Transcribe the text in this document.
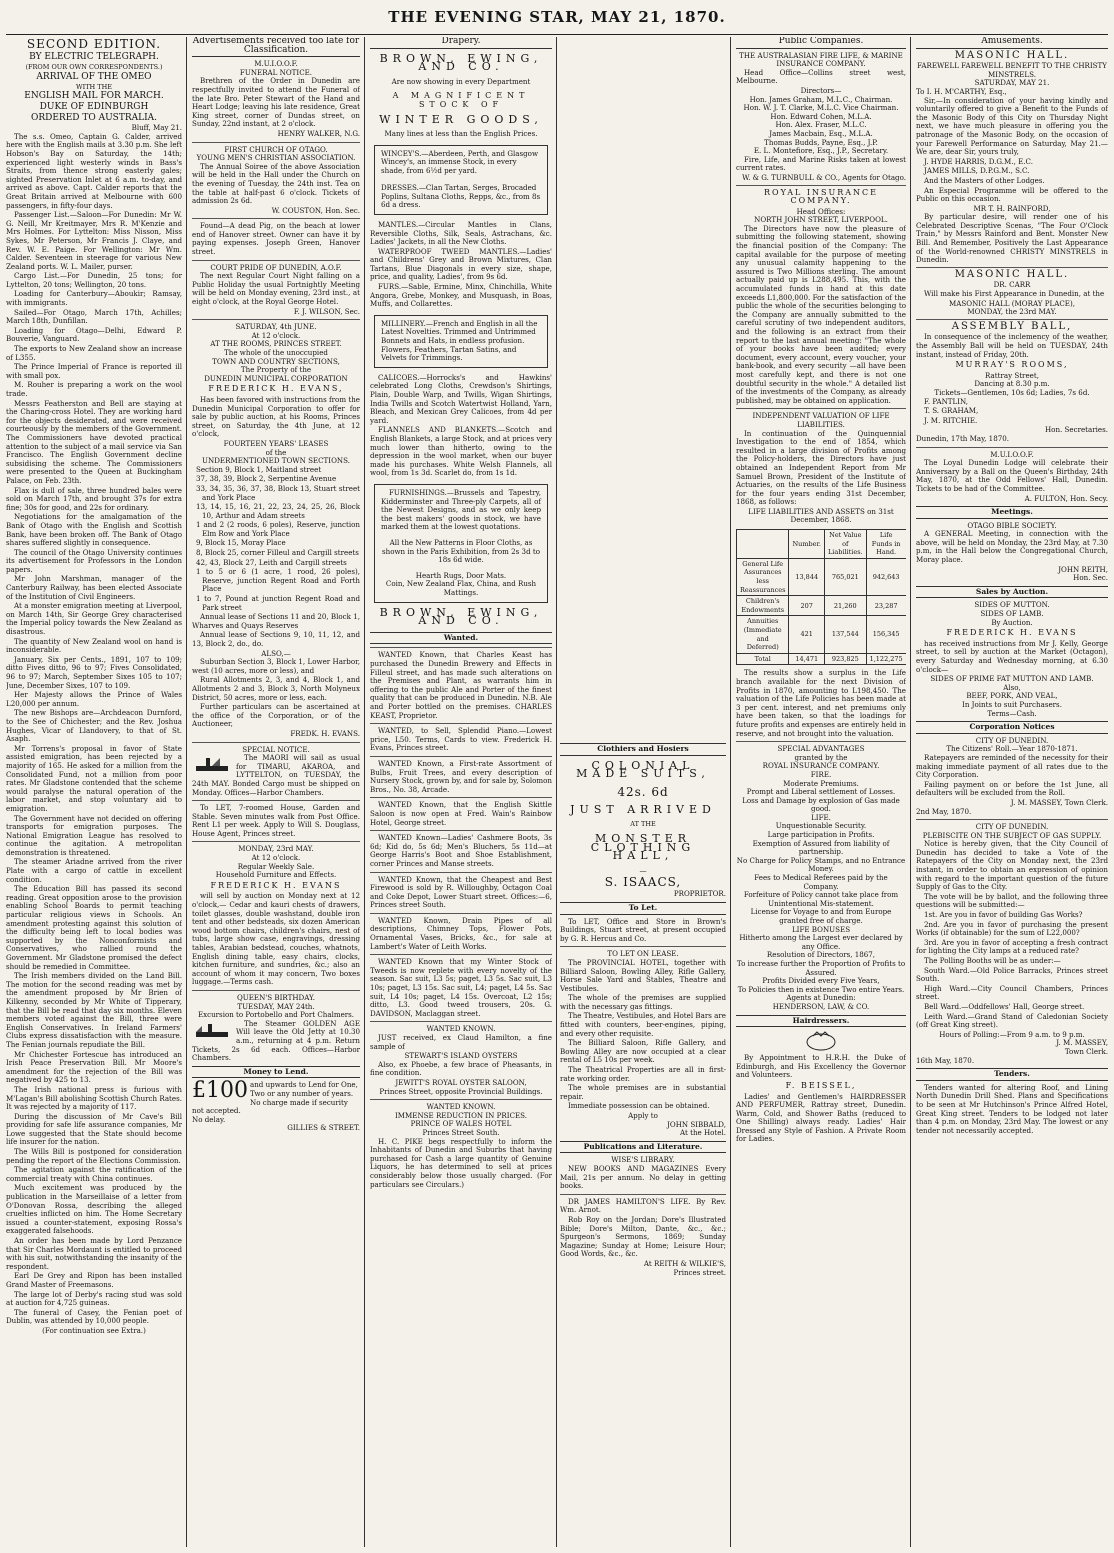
THE EVENING STAR, MAY 21, 1870.
SECOND EDITION.
BY ELECTRIC TELEGRAPH.
(FROM OUR OWN CORRESPONDENTS.)
ARRIVAL OF THE OMEO
WITH THE
ENGLISH MAIL FOR MARCH.
DUKE OF EDINBURGH
ORDERED TO AUSTRALIA.
Bluff, May 21.

The s.s. Omeo, Captain G. Calder, arrived here with the English mails at 3.30 p.m. She left Hobson's Bay on Saturday, the 14th; experienced light westerly winds in Bass's Straits, from thence strong easterly gales; sighted Preservation Inlet at 6 a.m. to-day, and arrived as above. Capt. Calder reports that the Great Britain arrived at Melbourne with 600 passengers, in fifty-four days.

Passenger List.—Saloon—For Dunedin: Mr W. G. Neill, Mr Kreitmayer, Mrs R. M'Kenzie and Mrs Holmes. For Lyttelton: Miss Nisson, Miss Sykes, Mr Peterson, Mr Francis J. Claye, and Rev. W. E. Paige. For Wellington: Mr Wm. Calder. Seventeen in steerage for various New Zealand ports. W. L. Mailer, purser.

Cargo List.—For Dunedin, 25 tons; for Lyttelton, 20 tons; Wellington, 20 tons.

Loading for Canterbury—Aboukir; Ramsay, with immigrants.

Sailed—For Otago, March 17th, Achilles; March 18th, Dunfillan.

Loading for Otago—Delhi, Edward P. Bouverie, Vanguard.

The exports to New Zealand show an increase of L355.

The Prince Imperial of France is reported ill with small pox.

M. Rouher is preparing a work on the wool trade.

Messrs Featherston and Bell are staying at the Charing-cross Hotel. They are working hard for the objects desiderated, and were received courteously by the members of the Government. The Commissioners have devoted practical attention to the subject of a mail service via San Francisco. The English Government decline subsidising the scheme. The Commissioners were presented to the Queen at Buckingham Palace, on Feb. 23th.

Flax is dull of sale, three hundred bales were sold on March 17th, and brought 37s for extra fine; 30s for good, and 22s for ordinary.

Negotiations for the amalgamation of the Bank of Otago with the English and Scottish Bank, have been broken off. The Bank of Otago shares suffered slightly in consequence.

The council of the Otago University continues its advertisement for Professors in the London papers.

Mr John Marshman, manager of the Canterbury Railway, has been elected Associate of the Institution of Civil Engineers.

At a monster emigration meeting at Liverpool, on March 14th, Sir George Grey characterised the Imperial policy towards the New Zealand as disastrous.

The quantity of New Zealand wool on hand is inconsiderable.

January, Six per Cents., 1891, 107 to 109; ditto Fives ditto, 96 to 97; Fives Consolidated, 96 to 97; March, September Sixes 105 to 107; June, December Sixes, 107 to 109.

Her Majesty allows the Prince of Wales L20,000 per annum.

The new Bishops are—Archdeacon Durnford, to the See of Chichester; and the Rev. Joshua Hughes, Vicar of Llandovery, to that of St. Asaph.

Mr Torrens's proposal in favor of State assisted emigration, has been rejected by a majority of 165. He asked for a million from the Consolidated Fund, not a million from poor rates. Mr Gladstone contended that the scheme would paralyse the natural operation of the labor market, and stop voluntary aid to emigration.

The Government have not decided on offering transports for emigration purposes. The National Emigration League has resolved to continue the agitation. A metropolitan demonstration is threatened.

The steamer Ariadne arrived from the river Plate with a cargo of cattle in excellent condition.

The Education Bill has passed its second reading. Great opposition arose to the provision enabling School Boards to permit teaching particular religious views in Schools. An amendment protesting against this solution of the difficulty being left to local bodies was supported by the Nonconformists and Conservatives, who rallied round the Government. Mr Gladstone promised the defect should be remedied in Committee.

The Irish members divided on the Land Bill. The motion for the second reading was met by the amendment proposed by Mr Brien of Kilkenny, seconded by Mr White of Tipperary, that the Bill be read that day six months. Eleven members voted against the Bill, three were English Conservatives. In Ireland Farmers' Clubs express dissatisfaction with the measure. The Fenian journals repudiate the Bill.

Mr Chichester Fortescue has introduced an Irish Peace Preservation Bill. Mr Moore's amendment for the rejection of the Bill was negatived by 425 to 13.

The Irish national press is furious with M'Lagan's Bill abolishing Scottish Church Rates. It was rejected by a majority of 117.

During the discussion of Mr Cave's Bill providing for safe life assurance companies, Mr Lowe suggested that the State should become life insurer for the nation.

The Wills Bill is postponed for consideration pending the report of the Elections Commission.

The agitation against the ratification of the commercial treaty with China continues.

Much excitement was produced by the publication in the Marseillaise of a letter from O'Donovan Rossa, describing the alleged cruelties inflicted on him. The Home Secretary issued a counter-statement, exposing Rossa's exaggerated falsehoods.

An order has been made by Lord Penzance that Sir Charles Mordaunt is entitled to proceed with his suit, notwithstanding the insanity of the respondent.

Earl De Grey and Ripon has been installed Grand Master of Freemasons.

The large lot of Derby's racing stud was sold at auction for 4,725 guineas.

The funeral of Casey, the Fenian poet of Dublin, was attended by 10,000 people.

(For continuation see Extra.)
Advertisements received too late for Classification.
M.U.I.O.O.F.
FUNERAL NOTICE.

Brethren of the Order in Dunedin are respectfully invited to attend the Funeral of the late Bro. Peter Stewart of the Hand and Heart Lodge; leaving his late residence, Great King street, corner of Dundas street, on Sunday, 22nd instant, at 2 o'clock.

HENRY WALKER, N.G.
FIRST CHURCH OF OTAGO.
YOUNG MEN'S CHRISTIAN ASSOCIATION.

The Annual Soiree of the above Association will be held in the Hall under the Church on the evening of Tuesday, the 24th inst. Tea on the table at half-past 6 o'clock. Tickets of admission 2s 6d.

W. COUSTON, Hon. Sec.

Found—A dead Pig, on the beach at lower end of Hanover street. Owner can have it by paying expenses. Joseph Green, Hanover street.

COURT PRIDE OF DUNEDIN, A.O.F.

The next Regular Court Night falling on a Public Holiday the usual Fortnightly Meeting will be held on Monday evening, 23rd inst., at eight o'clock, at the Royal George Hotel.

F. J. WILSON, Sec.
SATURDAY, 4th JUNE.
At 12 o'clock.
AT THE ROOMS, PRINCES STREET.
The whole of the unoccupied
TOWN AND COUNTRY SECTIONS,
The Property of the
DUNEDIN MUNICIPAL CORPORATION
FREDERICK H. EVANS,

Has been favored with instructions from the Dunedin Municipal Corporation to offer for sale by public auction, at his Rooms, Princes street, on Saturday, the 4th June, at 12 o'clock,

FOURTEEN YEARS' LEASES
of the
UNDERMENTIONED TOWN SECTIONS.
Section 9, Block 1, Maitland street
37, 38, 39, Block 2, Serpentine Avenue
33, 34, 35, 36, 37, 38, Block 13, Stuart street and York Place
13, 14, 15, 16, 21, 22, 23, 24, 25, 26, Block 10, Arthur and Adam streets
1 and 2 (2 roods, 6 poles), Reserve, junction Elm Row and York Place
9, Block 15, Moray Place
8, Block 25, corner Filleul and Cargill streets
42, 43, Block 27, Leith and Cargill streets
1 to 5 or 6 (1 acre, 1 rood, 26 poles), Reserve, junction Regent Road and Forth Place
1 to 7, Pound at junction Regent Road and Park street

Annual lease of Sections 11 and 20, Block 1, Wharves and Quays Reserves

Annual lease of Sections 9, 10, 11, 12, and 13, Block 2, do., do.

ALSO,—

Suburban Section 3, Block 1, Lower Harbor, west (10 acres, more or less), and

Rural Allotments 2, 3, and 4, Block 1, and Allotments 2 and 3, Block 3, North Molyneux District, 50 acres, more or less, each.

Further particulars can be ascertained at the office of the Corporation, or of the Auctioneer,

FREDK. H. EVANS.
SPECIAL NOTICE.

The MAORI will sail as usual for TIMARU, AKAROA, and LYTTELTON, on TUESDAY, the 24th MAY. Bonded Cargo must be shipped on Monday. Offices—Harbor Chambers.

To LET, 7-roomed House, Garden and Stable. Seven minutes walk from Post Office. Rent L1 per week. Apply to Will S. Douglass, House Agent, Princes street.

MONDAY, 23rd MAY.
At 12 o'clock.
Regular Weekly Sale.
Household Furniture and Effects.
FREDERICK H. EVANS

will sell by auction on Monday next at 12 o'clock,— Cedar and kauri chests of drawers, toilet glasses, double washstand, double iron tent and other bedsteads, six dozen American wood bottom chairs, children's chairs, nest of tubs, large show case, engravings, dressing tables, Arabian bedstead, couches, whatnots, English dining table, easy chairs, clocks, kitchen furniture, and sundries, &c.; also an account of whom it may concern, Two boxes luggage.—Terms cash.

QUEEN'S BIRTHDAY.
TUESDAY, MAY 24th.
Excursion to Portobello and Port Chalmers.

The Steamer GOLDEN AGE Will leave the Old Jetty at 10.30 a.m., returning at 4 p.m. Return Tickets, 2s 6d each. Offices—Harbor Chambers.

Money to Lend.
£100 and upwards to Lend for One, Two or any number of years. No charge made if security not accepted.
No delay.
GILLIES & STREET.
Drapery.
BROWN, EWING, AND CO.
Are now showing in every Department
A MAGNIFICENT STOCK OF
WINTER GOODS,
Many lines at less than the English Prices.
WINCEY'S.—Aberdeen, Perth, and Glasgow Wincey's, an immense Stock, in every shade, from 6½d per yard.

DRESSES.—Clan Tartan, Serges, Brocaded Poplins, Sultana Cloths, Repps, &c., from 8s 6d a dress.

MANTLES.—Circular Mantles in Clans, Reversible Cloths, Silk, Seals, Astrachans, &c. Ladies' Jackets, in all the New Cloths.

WATERPROOF TWEED MANTLES.—Ladies' and Childrens' Grey and Brown Mixtures, Clan Tartans, Blue Diagonals in every size, shape, price, and quality, Ladies', from 9s 6d.

FURS.—Sable, Ermine, Minx, Chinchilla, White Angora, Grebe, Monkey, and Musquash, in Boas, Muffs, and Collarettes.

MILLINERY.—French and English in all the Latest Novelties. Trimmed and Untrimmed Bonnets and Hats, in endless profusion. Flowers, Feathers, Tartan Satins, and Velvets for Trimmings.

CALICOES.—Horrocks's and Hawkins' celebrated Long Cloths, Crewdson's Shirtings, Plain, Double Warp, and Twills, Wigan Shirtings, India Twills and Scotch Watertwist Holland, Yarn, Bleach, and Mexican Grey Calicoes, from 4d per yard.

FLANNELS AND BLANKETS.—Scotch and English Blankets, a large Stock, and at prices very much lower than hitherto, owing to the depression in the wool market, when our buyer made his purchases. White Welsh Flannels, all wool, from 1s 3d. Scarlet do, from 1s 1d.

FURNISHINGS.—Brussels and Tapestry, Kidderminster and Three-ply Carpets, all of the Newest Designs, and as we only keep the best makers' goods in stock, we have marked them at the lowest quotations.

All the New Patterns in Floor Cloths, as shown in the Paris Exhibition, from 2s 3d to 18s 6d wide.

Hearth Rugs, Door Mats.
Coin, New Zealand Flax, China, and Rush Mattings.
BROWN, EWING, AND CO.
Wanted.

WANTED Known, that Charles Keast has purchased the Dunedin Brewery and Effects in Filleul street, and has made such alterations on the Premises and Plant, as warrants him in offering to the public Ale and Porter of the finest quality that can be produced in Dunedin. N.B. Ale and Porter bottled on the premises. CHARLES KEAST, Proprietor.

WANTED, to Sell, Splendid Piano.—Lowest price, L50. Terms, Cards to view. Frederick H. Evans, Princes street.

WANTED Known, a First-rate Assortment of Bulbs, Fruit Trees, and every description of Nursery Stock, grown by, and for sale by, Solomon Bros., No. 38, Arcade.

WANTED Known, that the English Skittle Saloon is now open at Fred. Wain's Rainbow Hotel, George street.

WANTED Known—Ladies' Cashmere Boots, 3s 6d; Kid do, 5s 6d; Men's Bluchers, 5s 11d—at George Harris's Boot and Shoe Establishment, corner Princes and Manse streets.

WANTED Known, that the Cheapest and Best Firewood is sold by R. Willoughby, Octagon Coal and Coke Depot, Lower Stuart street. Offices:—6, Princes street South.

WANTED Known, Drain Pipes of all descriptions, Chimney Tops, Flower Pots, Ornamental Vases, Bricks, &c., for sale at Lambert's Water of Leith Works.

WANTED Known that my Winter Stock of Tweeds is now replete with every novelty of the season. Sac suit, L3 5s; paget, L3 5s. Sac suit, L3 10s; paget, L3 15s. Sac suit, L4; paget, L4 5s. Sac suit, L4 10s; paget, L4 15s. Overcoat, L2 15s; ditto, L3. Good tweed trousers, 20s. G. DAVIDSON, Maclaggan street.

WANTED KNOWN.

JUST received, ex Claud Hamilton, a fine sample of

STEWART'S ISLAND OYSTERS

Also, ex Phoebe, a few brace of Pheasants, in fine condition.

JEWITT'S ROYAL OYSTER SALOON,
Princes Street, opposite Provincial Buildings.
WANTED KNOWN.
IMMENSE REDUCTION IN PRICES.
PRINCE OF WALES HOTEL
Princes Street South.

H. C. PIKE begs respectfully to inform the Inhabitants of Dunedin and Suburbs that having purchased for Cash a large quantity of Genuine Liquors, he has determined to sell at prices considerably below those usually charged. (For particulars see Circulars.)

Clothiers and Hosiers
COLONIAL MADE SUITS,
42s. 6d
JUST ARRIVED
AT THE
MONSTER CLOTHING HALL,
—
S. ISAACS,
PROPRIETOR.
To Let.

To LET, Office and Store in Brown's Buildings, Stuart street, at present occupied by G. R. Hercus and Co.

TO LET ON LEASE.

The PROVINCIAL HOTEL, together with Billiard Saloon, Bowling Alley, Rifle Gallery, Horse Sale Yard and Stables, Theatre and Vestibules.

The whole of the premises are supplied with the necessary gas fittings.

The Theatre, Vestibules, and Hotel Bars are fitted with counters, beer-engines, piping, and every other requisite.

The Billiard Saloon, Rifle Gallery, and Bowling Alley are now occupied at a clear rental of L5 10s per week.

The Theatrical Properties are all in first-rate working order.

The whole premises are in substantial repair.

Immediate possession can be obtained.

Apply to
JOHN SIBBALD,
At the Hotel.
Publications and Literature.
WISE'S LIBRARY.

NEW BOOKS AND MAGAZINES Every Mail, 21s per annum. No delay in getting books.

DR JAMES HAMILTON'S LIFE. By Rev. Wm. Arnot.

Rob Roy on the Jordan; Dore's Illustrated Bible; Dore's Milton, Dante, &c., &c.; Spurgeon's Sermons, 1869; Sunday Magazine; Sunday at Home; Leisure Hour; Good Words, &c., &c.

At REITH & WILKIE'S,
Princes street.
Public Companies.
THE AUSTRALASIAN FIRE LIFE, & MARINE INSURANCE COMPANY.

Head Office—Collins street west, Melbourne.

Directors—
Hon. James Graham, M.L.C., Chairman.
Hon. W. J. T. Clarke, M.L.C. Vice Chairman.
Hon. Edward Cohen, M.L.A.
Hon. Alex. Fraser, M.L.C.
James Macbain, Esq., M.L.A.
Thomas Budds, Payne, Esq., J.P.
E. L. Montefiore, Esq., J.P., Secretary.

Fire, Life, and Marine Risks taken at lowest current rates.

W. & G. TURNBULL & CO., Agents for Otago.
ROYAL INSURANCE COMPANY.
Head Offices:
NORTH JOHN STREET, LIVERPOOL.

The Directors have now the pleasure of submitting the following statement, showing the financial position of the Company: The capital available for the purpose of meeting any unusual calamity happening to the assured is Two Millions sterling. The amount actually paid up is L288,495. This, with the accumulated funds in hand at this date exceeds L1,800,000. For the satisfaction of the public the whole of the securities belonging to the Company are annually submitted to the careful scrutiny of two independent auditors, and the following is an extract from their report to the last annual meeting: "The whole of your books have been audited; every document, every account, every voucher, your bank-book, and every security —all have been most carefully kept, and there is not one doubtful security in the whole." A detailed list of the investments of the Company, as already published, may be obtained on application.

INDEPENDENT VALUATION OF LIFE LIABILITIES.

In continuation of the Quinquennial Investigation to the end of 1854, which resulted in a large division of Profits among the Policy-holders, the Directors have just obtained an Independent Report from Mr Samuel Brown, President of the Institute of Actuaries, on the results of the Life Business for the four years ending 31st December, 1868, as follows:

LIFE LIABILITIES AND ASSETS on 31st December, 1868.
	Number.	Net Value of Liabilities.	Life Funds in Hand.	
General Life Assurances less Reassurances	13,844	765,021	942,643	
Children's Endowments	207	21,260	23,287	
Annuities (Immediate and Deferred)	421	137,544	156,345	
Total	14,471	923,825	1,122,275	

The results show a surplus in the Life branch available for the next Division of Profits in 1870, amounting to L198,450. The valuation of the Life Policies has been made at 3 per cent. interest, and net premiums only have been taken, so that the loadings for future profits and expenses are entirely held in reserve, and not brought into the valuation.

SPECIAL ADVANTAGES
granted by the
ROYAL INSURANCE COMPANY.
FIRE.
Moderate Premiums.
Prompt and Liberal settlement of Losses.
Loss and Damage by explosion of Gas made good.
LIFE.
Unquestionable Security.
Large participation in Profits.
Exemption of Assured from liability of partnership.
No Charge for Policy Stamps, and no Entrance Money.
Fees to Medical Referees paid by the Company.
Forfeiture of Policy cannot take place from Unintentional Mis-statement.
License for Voyage to and from Europe granted free of charge.
LIFE BONUSES
Hitherto among the Largest ever declared by any Office.
Resolution of Directors, 1867,
To increase further the Proportion of Profits to Assured.
Profits Divided every Five Years,
To Policies then in existence Two entire Years.
Agents at Dunedin:
HENDERSON, LAW, & CO.
Hairdressers.

By Appointment to H.R.H. the Duke of Edinburgh, and His Excellency the Governor and Volunteers.

F. BEISSEL,

Ladies' and Gentlemen's HAIRDRESSER AND PERFUMER, Rattray street, Dunedin. Warm, Cold, and Shower Baths (reduced to One Shilling) always ready. Ladies' Hair Dressed any Style of Fashion. A Private Room for Ladies.

Amusements.
MASONIC HALL.
FAREWELL FAREWELL BENEFIT TO THE CHRISTY MINSTRELS.
SATURDAY, MAY 21.
To I. H. M'CARTHY, Esq.,

Sir,—In consideration of your having kindly and voluntarily offered to give a Benefit to the Funds of the Masonic Body of this City on Thursday Night next, we have much pleasure in offering you the patronage of the Masonic Body, on the occasion of your Farewell Performance on Saturday, May 21.—We are, dear Sir, yours truly,

J. HYDE HARRIS, D.G.M., E.C.
JAMES MILLS, D.P.G.M., S.C.
And the Masters of other Lodges.

An Especial Programme will be offered to the Public on this occasion.

MR T. H. RAINFORD,

By particular desire, will render one of his Celebrated Descriptive Scenas, "The Four O'Clock Train," by Messrs Rainford and Bent. Monster New Bill. And Remember, Positively the Last Appearance of the World-renowned CHRISTY MINSTRELS in Dunedin.

MASONIC HALL.
DR. CARR

Will make his First Appearance in Dunedin, at the

MASONIC HALL (MORAY PLACE),
MONDAY, the 23rd MAY.
ASSEMBLY BALL,

In consequence of the inclemency of the weather, the Assembly Ball will be held on TUESDAY, 24th instant, instead of Friday, 20th.

MURRAY'S ROOMS,
Rattray Street,
Dancing at 8.30 p.m.
Tickets—Gentlemen, 10s 6d; Ladies, 7s 6d.
F. PANTLIN,
T. S. GRAHAM,
J. M. RITCHIE.
Hon. Secretaries.
Dunedin, 17th May, 1870.
M.U.I.O.O.F.

The Loyal Dunedin Lodge will celebrate their Anniversary by a Ball on the Queen's Birthday, 24th May, 1870, at the Odd Fellows' Hall, Dunedin. Tickets to be had of the Committee.

A. FULTON, Hon. Secy.
Meetings.
OTAGO BIBLE SOCIETY.

A GENERAL Meeting, in connection with the above, will be held on Monday, the 23rd May, at 7.30 p.m, in the Hall below the Congregational Church, Moray place.

JOHN REITH,
Hon. Sec.
Sales by Auction.
SIDES OF MUTTON.
SIDES OF LAMB.
By Auction.
FREDERICK H. EVANS

has received instructions from Mr J. Kelly, George street, to sell by auction at the Market (Octagon), every Saturday and Wednesday morning, at 6.30 o'clock—

SIDES OF PRIME FAT MUTTON AND LAMB.
Also,
BEEF, PORK, AND VEAL,
In Joints to suit Purchasers.
Terms—Cash.
Corporation Notices
CITY OF DUNEDIN.
The Citizens' Roll.—Year 1870-1871.

Ratepayers are reminded of the necessity for their making immediate payment of all rates due to the City Corporation.

Failing payment on or before the 1st June, all defaulters will be excluded from the Roll.

J. M. MASSEY, Town Clerk.
2nd May, 1870.
CITY OF DUNEDIN.
PLEBISCITE ON THE SUBJECT OF GAS SUPPLY.

Notice is hereby given, that the City Council of Dunedin has decided to take a Vote of the Ratepayers of the City on Monday next, the 23rd instant, in order to obtain an expression of opinion with regard to the important question of the future Supply of Gas to the City.

The vote will be by ballot, and the following three questions will be submitted:—

1st. Are you in favor of building Gas Works?

2nd. Are you in favor of purchasing the present Works (if obtainable) for the sum of L22,000?

3rd. Are you in favor of accepting a fresh contract for lighting the City lamps at a reduced rate?

The Polling Booths will be as under:—

South Ward.—Old Police Barracks, Princes street South.

High Ward.—City Council Chambers, Princes street.

Bell Ward.—Oddfellows' Hall, George street.

Leith Ward.—Grand Stand of Caledonian Society (off Great King street).

Hours of Polling:—From 9 a.m. to 9 p.m.
J. M. MASSEY,
Town Clerk.
16th May, 1870.
Tenders.

Tenders wanted for altering Roof, and Lining North Dunedin Drill Shed. Plans and Specifications to be seen at Mr Hutchinson's Prince Alfred Hotel, Great King street. Tenders to be lodged not later than 4 p.m. on Monday, 23rd May. The lowest or any tender not necessarily accepted.
